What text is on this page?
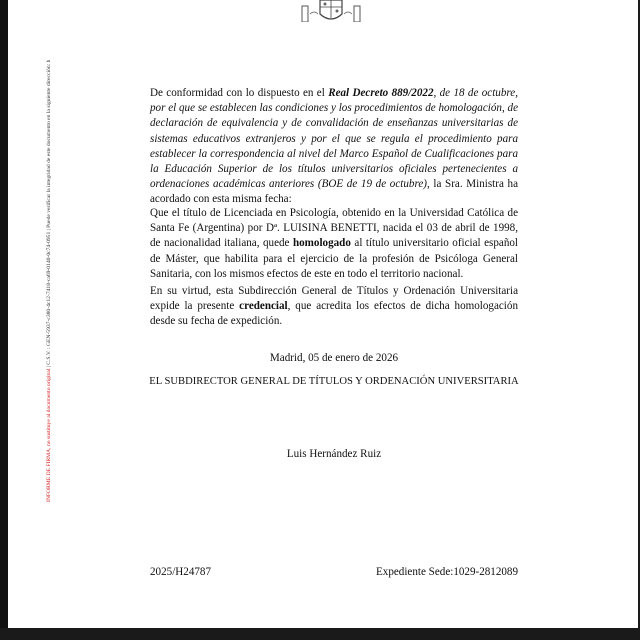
INFORME DE FIRMA, no sustituye al documento original | C.S.V. : GEN-5937-c380-4c12-7418-ca69-0140-0c74-0951 | Puede verificar la integridad de este documento en la siguiente dirección: h	De conformidad con lo dispuesto en el Real Decreto 889/2022, de 18 de octubre, por el que se establecen las condiciones y los procedimientos de homologación, de declaración de equivalencia y de convalidación de enseñanzas universitarias de sistemas educativos extranjeros y por el que se regula el procedimiento para establecer la correspondencia al nivel del Marco Español de Cualificaciones para la Educación Superior de los títulos universitarios oficiales pertenecientes a ordenaciones académicas anteriores (BOE de 19 de octubre), la Sra. Ministra ha acordado con esta misma fecha:
Que el título de Licenciada en Psicología, obtenido en la Universidad Católica de Santa Fe (Argentina) por Dª. LUISINA BENETTI, nacida el 03 de abril de 1998, de nacionalidad italiana, quede homologado al título universitario oficial español de Máster, que habilita para el ejercicio de la profesión de Psicóloga General Sanitaria, con los mismos efectos de este en todo el territorio nacional.
En su virtud, esta Subdirección General de Títulos y Ordenación Universitaria expide la presente credencial, que acredita los efectos de dicha homologación desde su fecha de expedición.
Madrid, 05 de enero de 2026
EL SUBDIRECTOR GENERAL DE TÍTULOS Y ORDENACIÓN UNIVERSITARIA
Luis Hernández Ruiz
2025/H24787	Expediente Sede:1029-2812089
